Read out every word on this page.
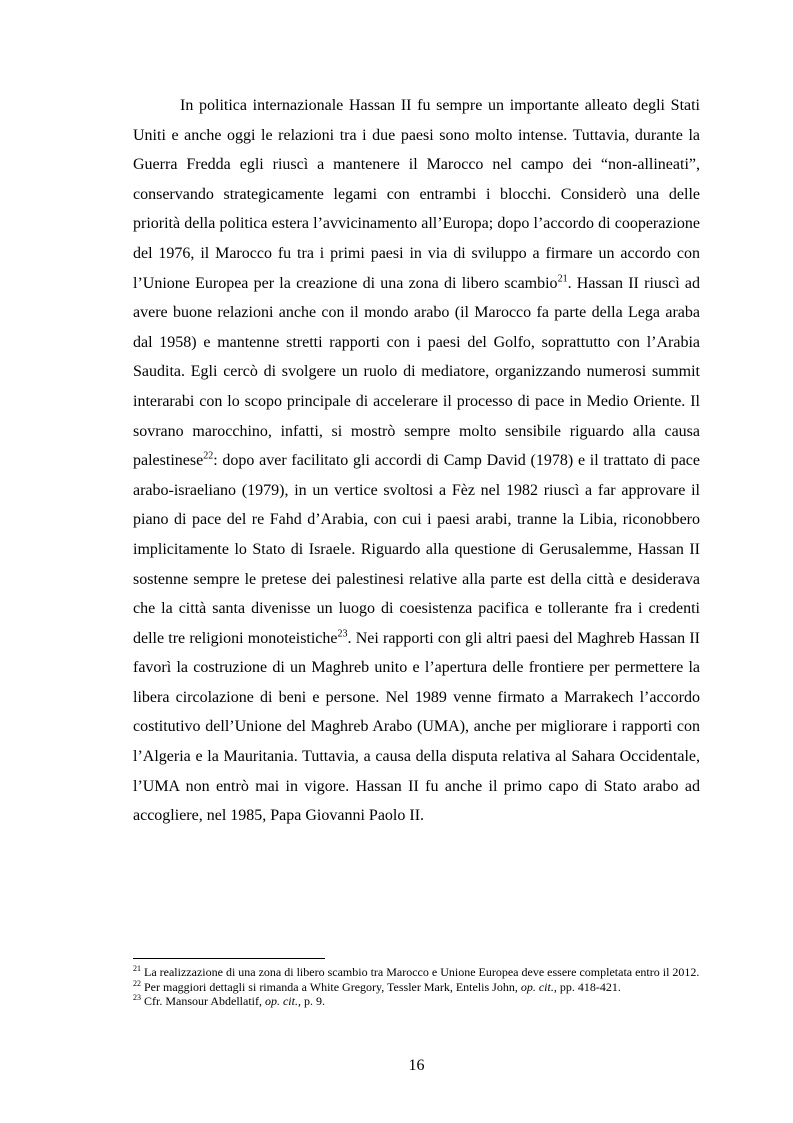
In politica internazionale Hassan II fu sempre un importante alleato degli Stati Uniti e anche oggi le relazioni tra i due paesi sono molto intense. Tuttavia, durante la Guerra Fredda egli riuscì a mantenere il Marocco nel campo dei “non-allineati”, conservando strategicamente legami con entrambi i blocchi. Considerò una delle priorità della politica estera l’avvicinamento all’Europa; dopo l’accordo di cooperazione del 1976, il Marocco fu tra i primi paesi in via di sviluppo a firmare un accordo con l’Unione Europea per la creazione di una zona di libero scambio$^{21}$. Hassan II riuscì ad avere buone relazioni anche con il mondo arabo (il Marocco fa parte della Lega araba dal 1958) e mantenne stretti rapporti con i paesi del Golfo, soprattutto con l’Arabia Saudita. Egli cercò di svolgere un ruolo di mediatore, organizzando numerosi summit interarabi con lo scopo principale di accelerare il processo di pace in Medio Oriente. Il sovrano marocchino, infatti, si mostrò sempre molto sensibile riguardo alla causa palestinese$^{22}$: dopo aver facilitato gli accordi di Camp David (1978) e il trattato di pace arabo-israeliano (1979), in un vertice svoltosi a Fèz nel 1982 riuscì a far approvare il piano di pace del re Fahd d’Arabia, con cui i paesi arabi, tranne la Libia, riconobbero implicitamente lo Stato di Israele. Riguardo alla questione di Gerusalemme, Hassan II sostenne sempre le pretese dei palestinesi relative alla parte est della città e desiderava che la città santa divenisse un luogo di coesistenza pacifica e tollerante fra i credenti delle tre religioni monoteistiche$^{23}$. Nei rapporti con gli altri paesi del Maghreb Hassan II favorì la costruzione di un Maghreb unito e l’apertura delle frontiere per permettere la libera circolazione di beni e persone. Nel 1989 venne firmato a Marrakech l’accordo costitutivo dell’Unione del Maghreb Arabo (UMA), anche per migliorare i rapporti con l’Algeria e la Mauritania. Tuttavia, a causa della disputa relativa al Sahara Occidentale, l’UMA non entrò mai in vigore. Hassan II fu anche il primo capo di Stato arabo ad accogliere, nel 1985, Papa Giovanni Paolo II.

$^{21}$ La realizzazione di una zona di libero scambio tra Marocco e Unione Europea deve essere completata entro il 2012.

$^{22}$ Per maggiori dettagli si rimanda a White Gregory, Tessler Mark, Entelis John, op. cit., pp. 418-421.

$^{23}$ Cfr. Mansour Abdellatif, op. cit., p. 9.

16
